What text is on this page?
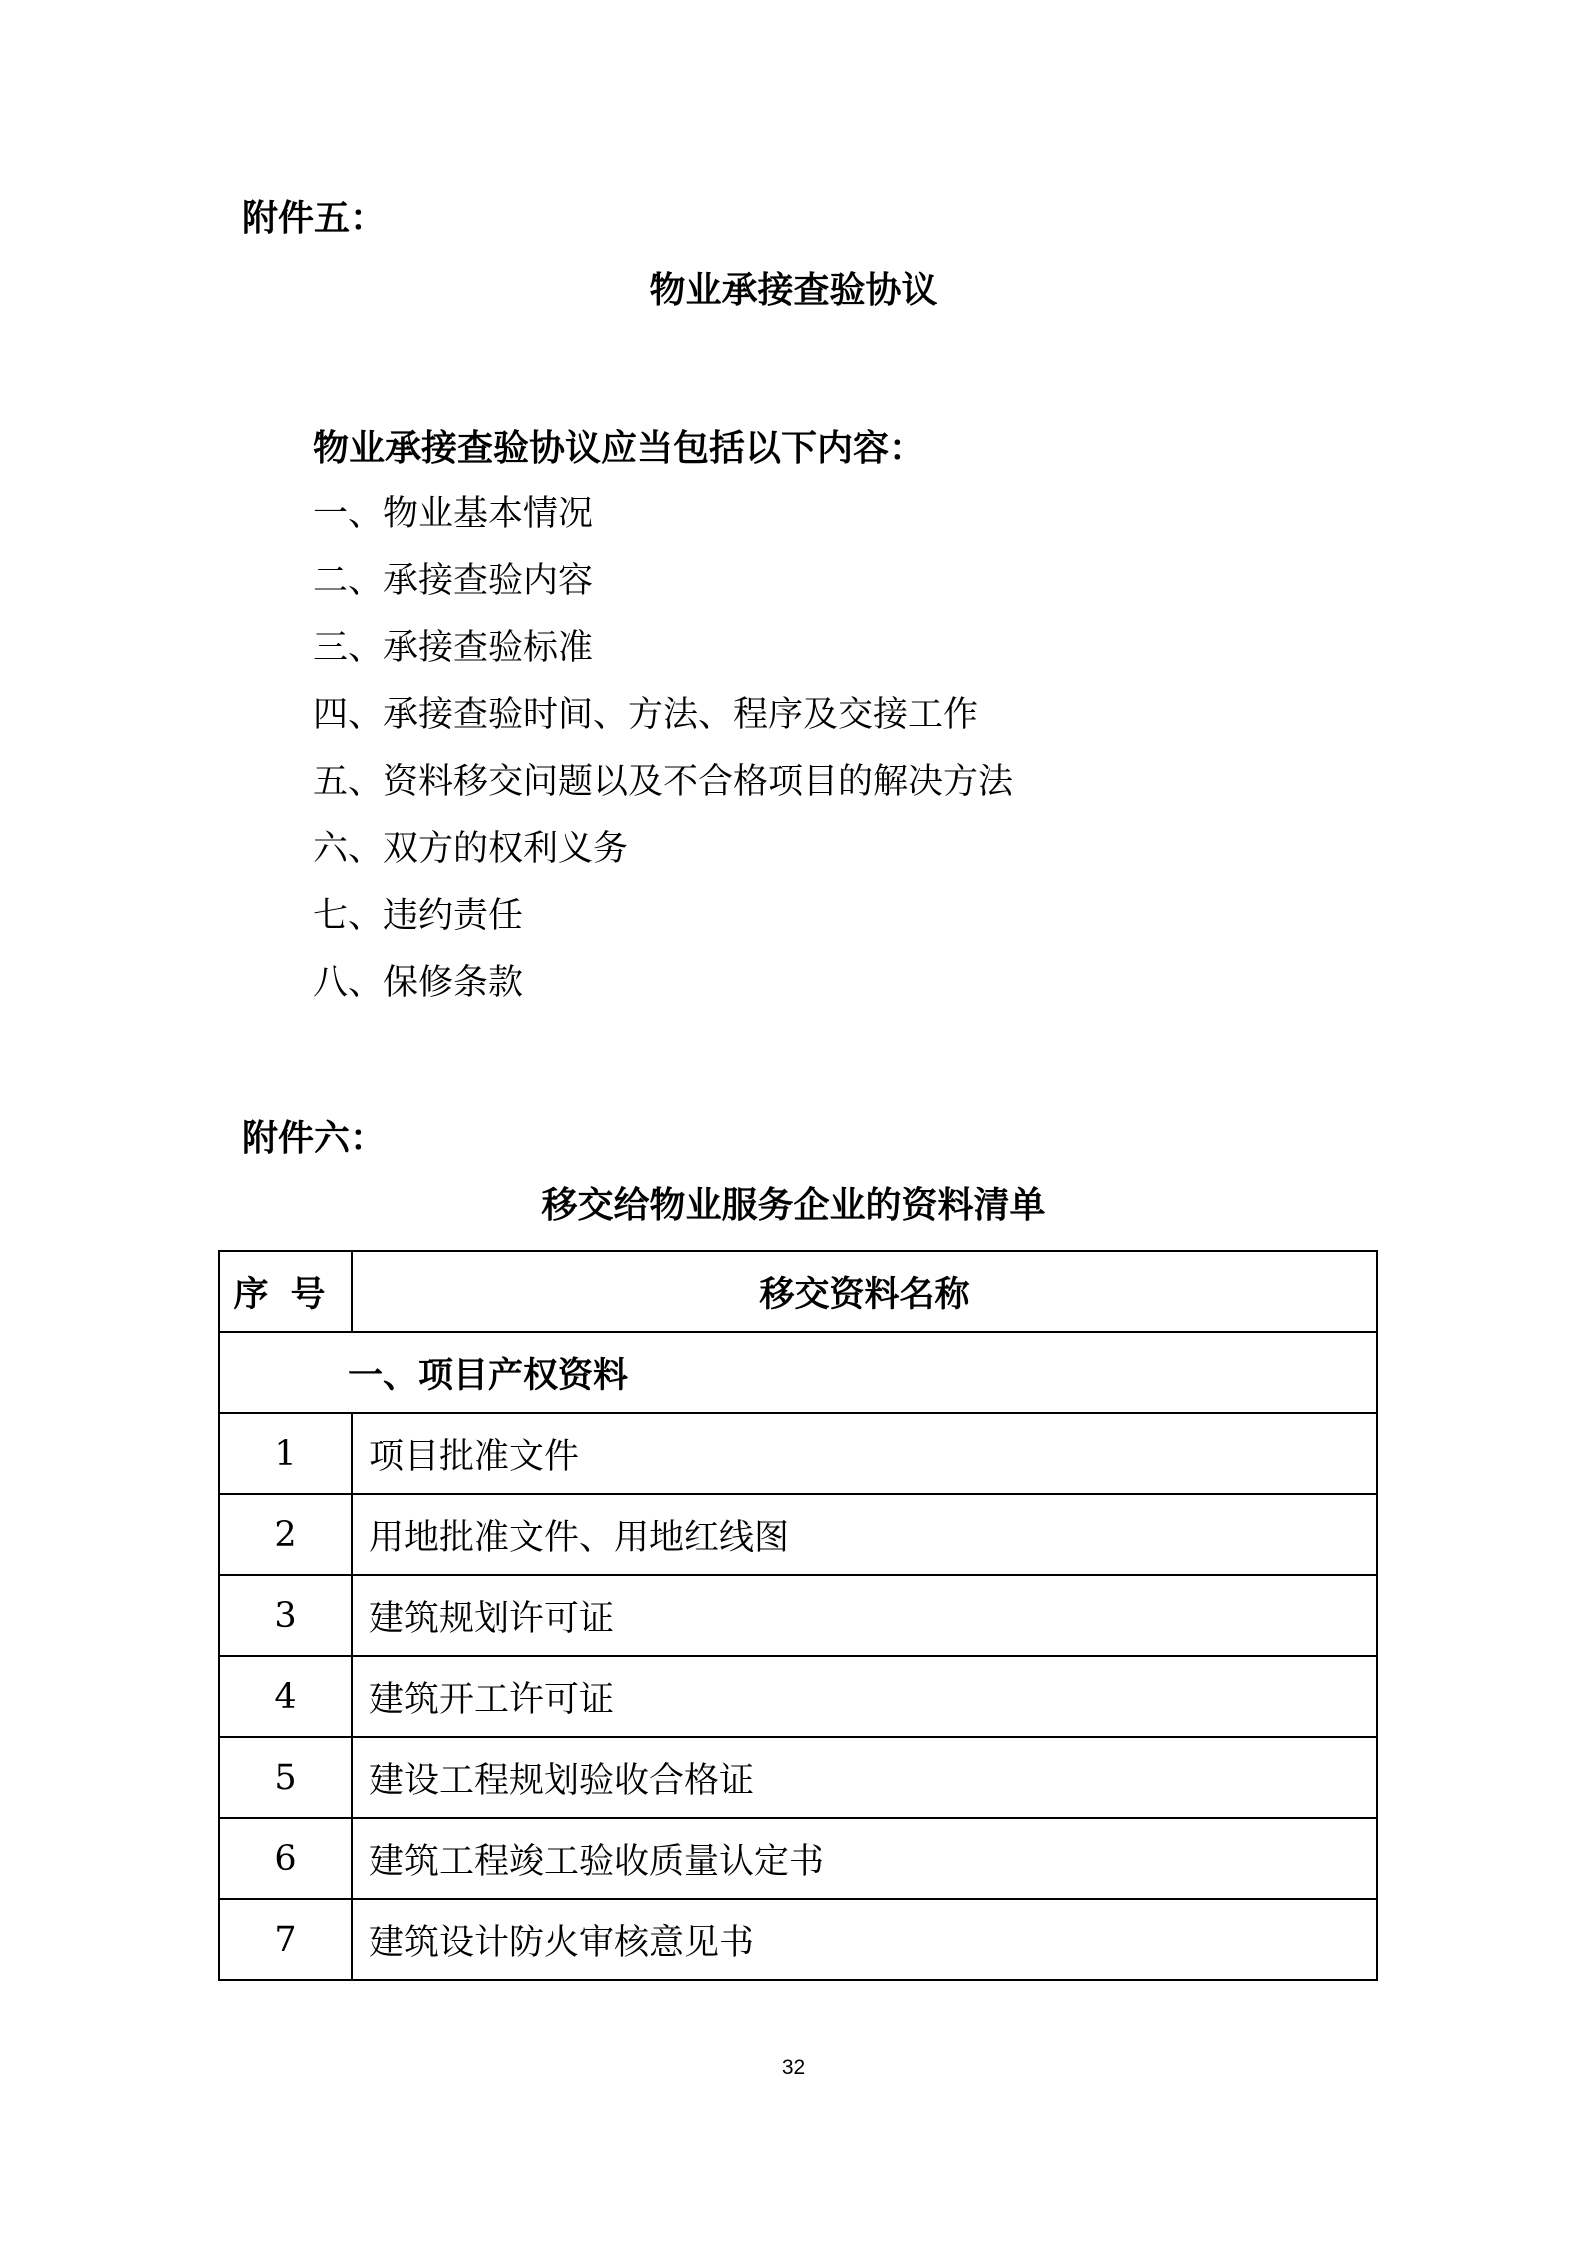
附件五：
物业承接查验协议
物业承接查验协议应当包括以下内容：
一、物业基本情况
二、承接查验内容
三、承接查验标准
四、承接查验时间、方法、程序及交接工作
五、资料移交问题以及不合格项目的解决方法
六、双方的权利义务
七、违约责任
八、保修条款
附件六：
移交给物业服务企业的资料清单
序号	移交资料名称
一、项目产权资料	
1	项目批准文件
2	用地批准文件、用地红线图
3	建筑规划许可证
4	建筑开工许可证
5	建设工程规划验收合格证
6	建筑工程竣工验收质量认定书
7	建筑设计防火审核意见书
32
